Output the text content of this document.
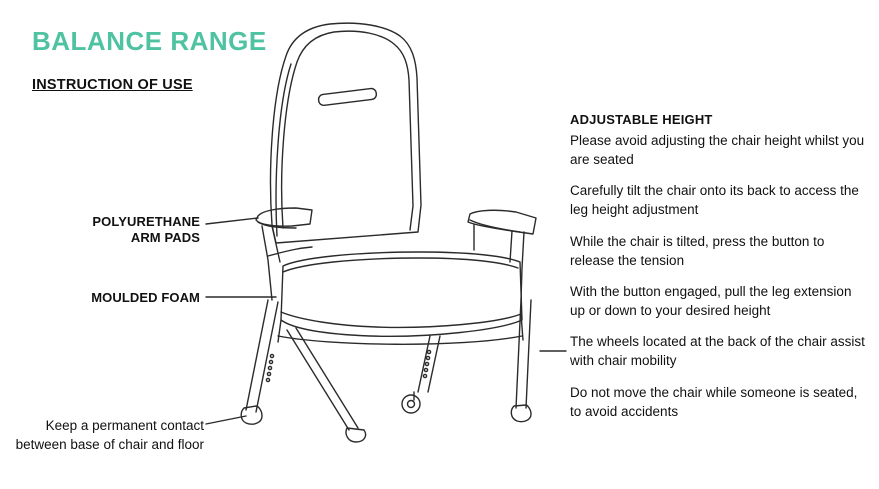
BALANCE RANGE
INSTRUCTION OF USE
POLYURETHANE
ARM PADS
MOULDED FOAM
Keep a permanent contact between base of chair and floor
ADJUSTABLE HEIGHT
Please avoid adjusting the chair height whilst you are seated
Carefully tilt the chair onto its back to access the leg height adjustment
While the chair is tilted, press the button to release the tension
With the button engaged, pull the leg extension up or down to your desired height
The wheels located at the back of the chair assist with chair mobility
Do not move the chair while someone is seated, to avoid accidents
